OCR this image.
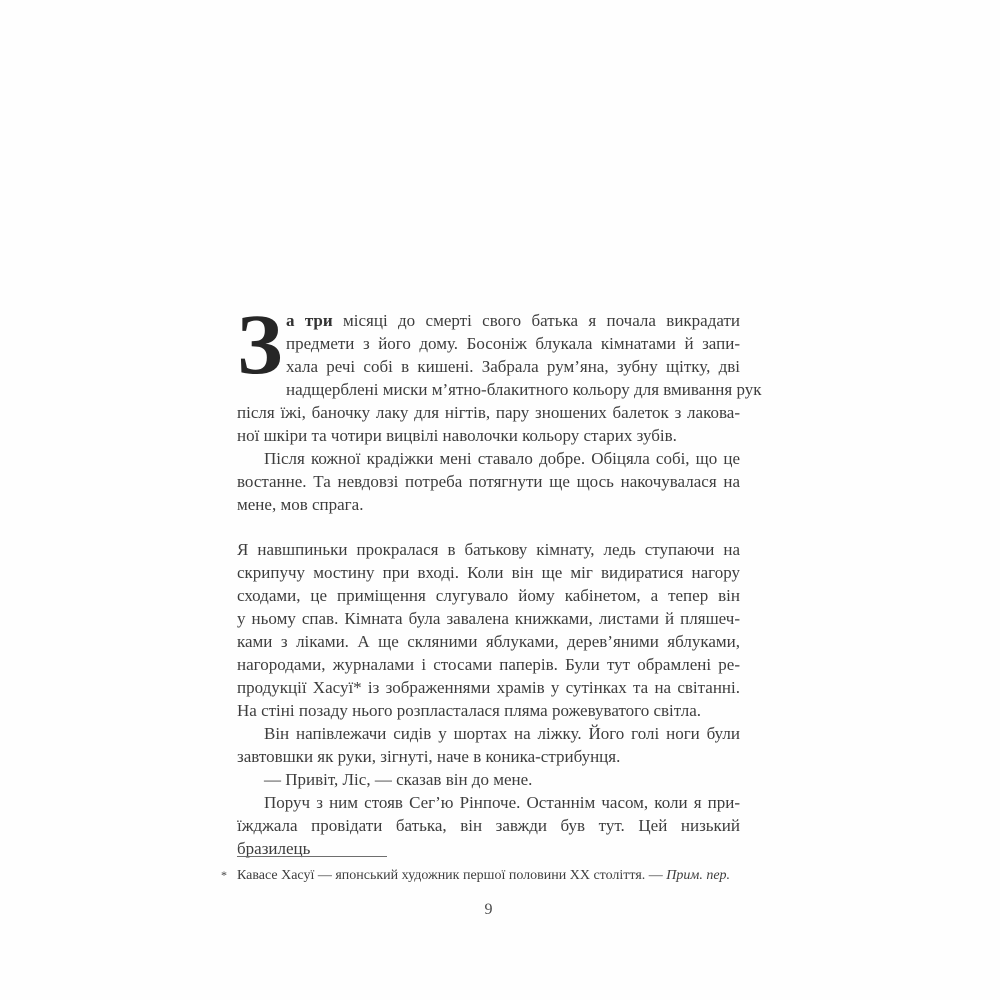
З а три місяці до смерті свого батька я почала викрадати
предмети з його дому. Босоніж блукала кімнатами й запи-
хала речі собі в кишені. Забрала рум’яна, зубну щітку, дві
надщерблені миски м’ятно-блакитного кольору для вмивання рук
після їжі, баночку лаку для нігтів, пару зношених балеток з лакова-
ної шкіри та чотири вицвілі наволочки кольору старих зубів.
Після кожної крадіжки мені ставало добре. Обіцяла собі, що це
востанне. Та невдовзі потреба потягнути ще щось накочувалася на
мене, мов спрага.
Я навшпиньки прокралася в батькову кімнату, ледь ступаючи на
скрипучу мостину при вході. Коли він ще міг видиратися нагору
сходами, це приміщення слугувало йому кабінетом, а тепер він
у ньому спав. Кімната була завалена книжками, листами й пляшеч-
ками з ліками. А ще скляними яблуками, дерев’яними яблуками,
нагородами, журналами і стосами паперів. Були тут обрамлені ре-
продукції Хасуї* із зображеннями храмів у сутінках та на світанні.
На стіні позаду нього розпласталася пляма рожевуватого світла.
Він напівлежачи сидів у шортах на ліжку. Його голі ноги були
завтовшки як руки, зігнуті, наче в коника-стрибунця.
— Привіт, Ліс, — сказав він до мене.
Поруч з ним стояв Сег’ю Рінпоче. Останнім часом, коли я при-
їжджала провідати батька, він завжди був тут. Цей низький бразилець
* Кавасе Хасуї — японський художник першої половини ХХ століття. — Прим. пер.
9
